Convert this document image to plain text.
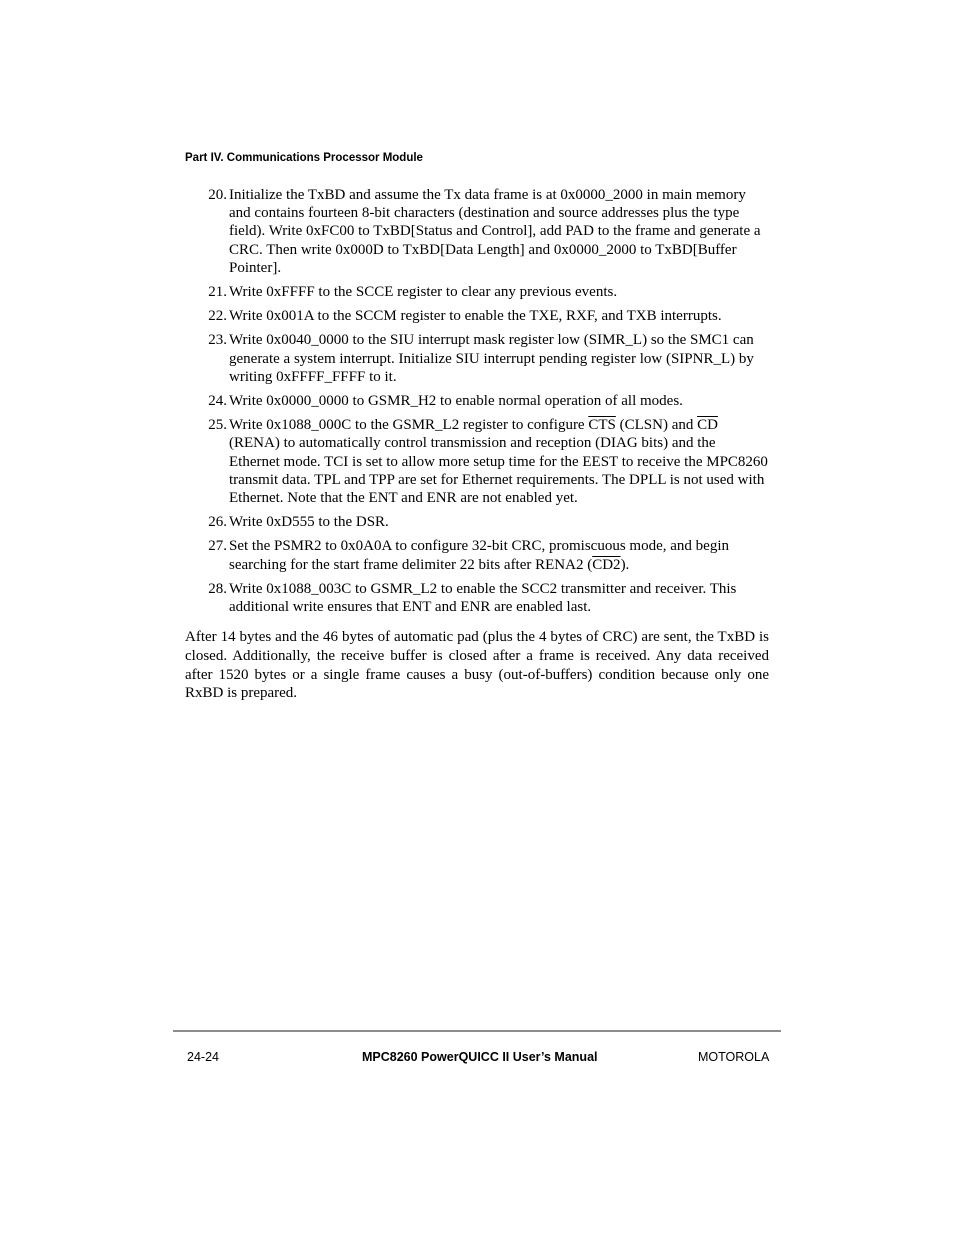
Part IV. Communications Processor Module
20. Initialize the TxBD and assume the Tx data frame is at 0x0000_2000 in main memory and contains fourteen 8-bit characters (destination and source addresses plus the type field). Write 0xFC00 to TxBD[Status and Control], add PAD to the frame and generate a CRC. Then write 0x000D to TxBD[Data Length] and 0x0000_2000 to TxBD[Buffer Pointer].
21. Write 0xFFFF to the SCCE register to clear any previous events.
22. Write 0x001A to the SCCM register to enable the TXE, RXF, and TXB interrupts.
23. Write 0x0040_0000 to the SIU interrupt mask register low (SIMR_L) so the SMC1 can generate a system interrupt. Initialize SIU interrupt pending register low (SIPNR_L) by writing 0xFFFF_FFFF to it.
24. Write 0x0000_0000 to GSMR_H2 to enable normal operation of all modes.
25. Write 0x1088_000C to the GSMR_L2 register to configure $\overline{CTS}$ (CLSN) and $\overline{CD}$ (RENA) to automatically control transmission and reception (DIAG bits) and the Ethernet mode. TCI is set to allow more setup time for the EEST to receive the MPC8260 transmit data. TPL and TPP are set for Ethernet requirements. The DPLL is not used with Ethernet. Note that the ENT and ENR are not enabled yet.
26. Write 0xD555 to the DSR.
27. Set the PSMR2 to 0x0A0A to configure 32-bit CRC, promiscuous mode, and begin searching for the start frame delimiter 22 bits after RENA2 (CD2).
28. Write 0x1088_003C to GSMR_L2 to enable the SCC2 transmitter and receiver. This additional write ensures that ENT and ENR are enabled last.

After 14 bytes and the 46 bytes of automatic pad (plus the 4 bytes of CRC) are sent, the TxBD is closed. Additionally, the receive buffer is closed after a frame is received. Any data received after 1520 bytes or a single frame causes a busy (out-of-buffers) condition because only one RxBD is prepared.

24-24	MPC8260 PowerQUICC II User’s Manual	MOTOROLA
